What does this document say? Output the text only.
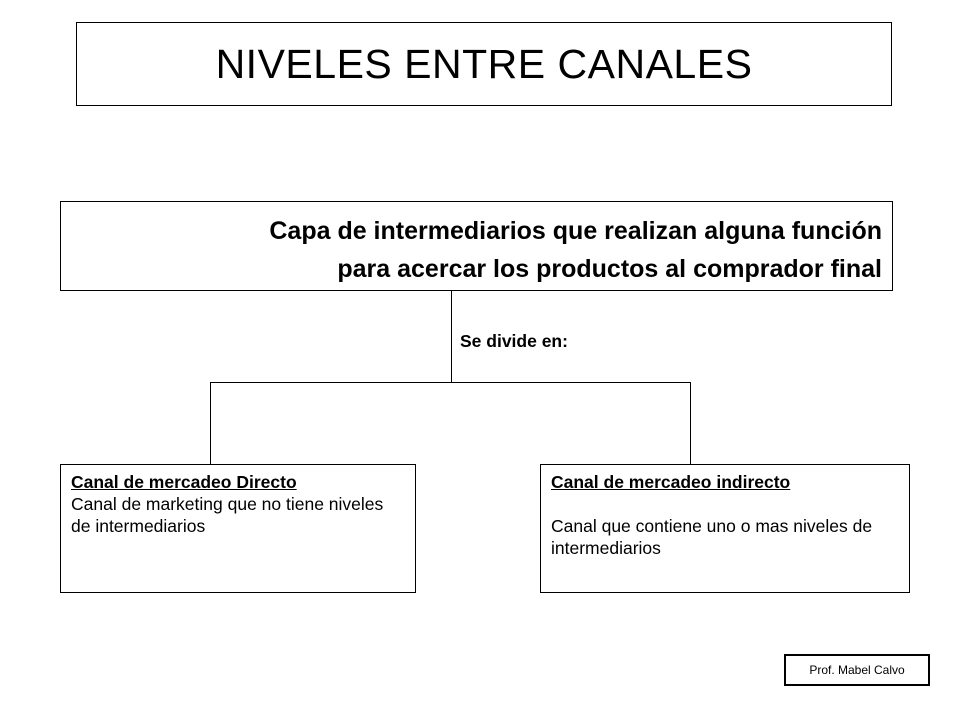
NIVELES ENTRE CANALES
Capa de intermediarios que realizan alguna función
para acercar los productos al comprador final
Se divide en:
Canal de mercadeo Directo
Canal de marketing que no tiene niveles de intermediarios
Canal de mercadeo indirecto
Canal que contiene uno o mas niveles de intermediarios
Prof. Mabel Calvo
